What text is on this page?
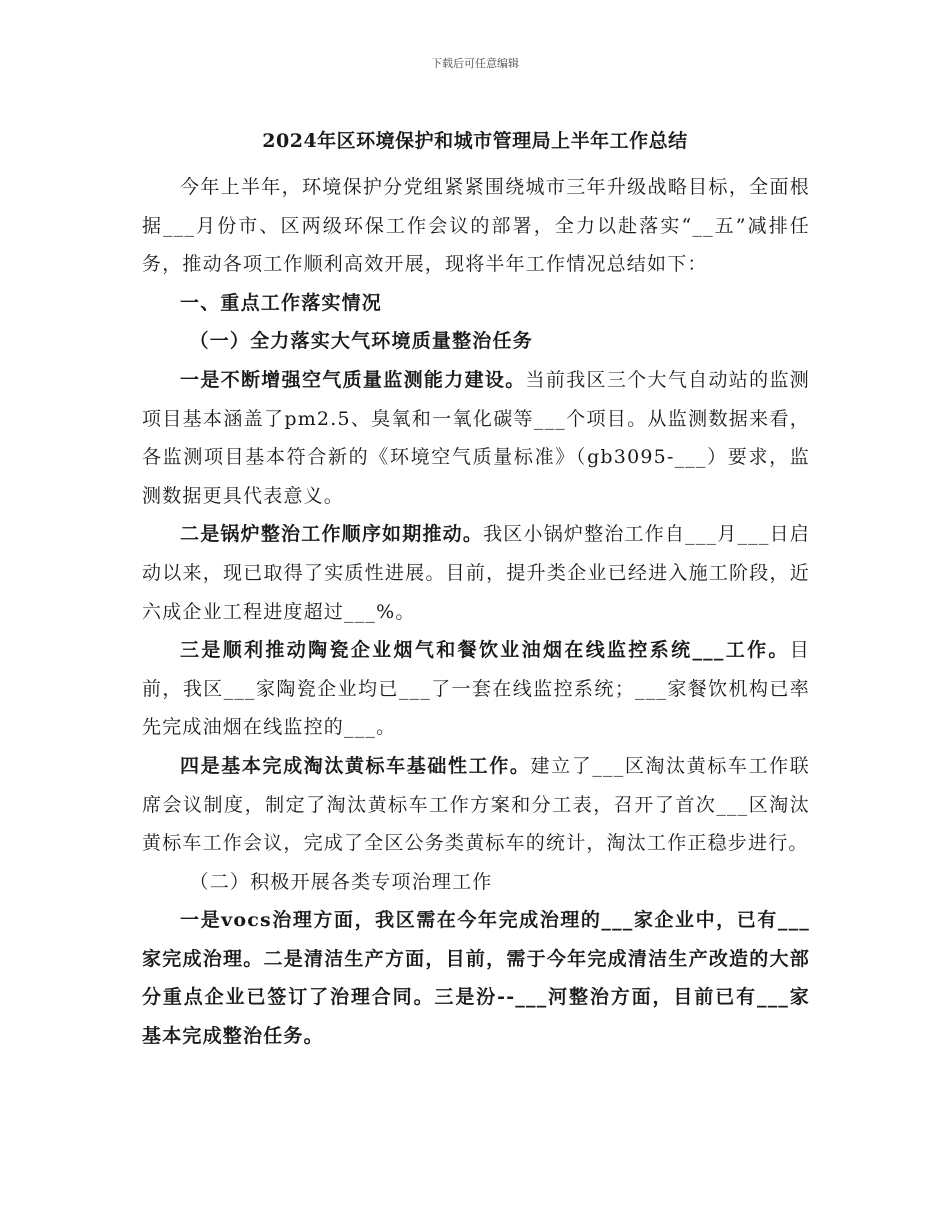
下载后可任意编辑
2024年区环境保护和城市管理局上半年工作总结

今年上半年，环境保护分党组紧紧围绕城市三年升级战略目标，全面根据___月份市、区两级环保工作会议的部署，全力以赴落实“__五”减排任务，推动各项工作顺利高效开展，现将半年工作情况总结如下：

一、重点工作落实情况

（一）全力落实大气环境质量整治任务

一是不断增强空气质量监测能力建设。当前我区三个大气自动站的监测项目基本涵盖了pm2.5、臭氧和一氧化碳等___个项目。从监测数据来看，各监测项目基本符合新的《环境空气质量标准》（gb3095-___）要求，监测数据更具代表意义。

二是锅炉整治工作顺序如期推动。我区小锅炉整治工作自___月___日启动以来，现已取得了实质性进展。目前，提升类企业已经进入施工阶段，近六成企业工程进度超过___%。

三是顺利推动陶瓷企业烟气和餐饮业油烟在线监控系统___工作。目前，我区___家陶瓷企业均已___了一套在线监控系统；___家餐饮机构已率先完成油烟在线监控的___。

四是基本完成淘汰黄标车基础性工作。建立了___区淘汰黄标车工作联席会议制度，制定了淘汰黄标车工作方案和分工表，召开了首次___区淘汰黄标车工作会议，完成了全区公务类黄标车的统计，淘汰工作正稳步进行。

（二）积极开展各类专项治理工作

一是vocs治理方面，我区需在今年完成治理的___家企业中，已有___家完成治理。二是清洁生产方面，目前，需于今年完成清洁生产改造的大部分重点企业已签订了治理合同。三是汾--___河整治方面，目前已有___家基本完成整治任务。
